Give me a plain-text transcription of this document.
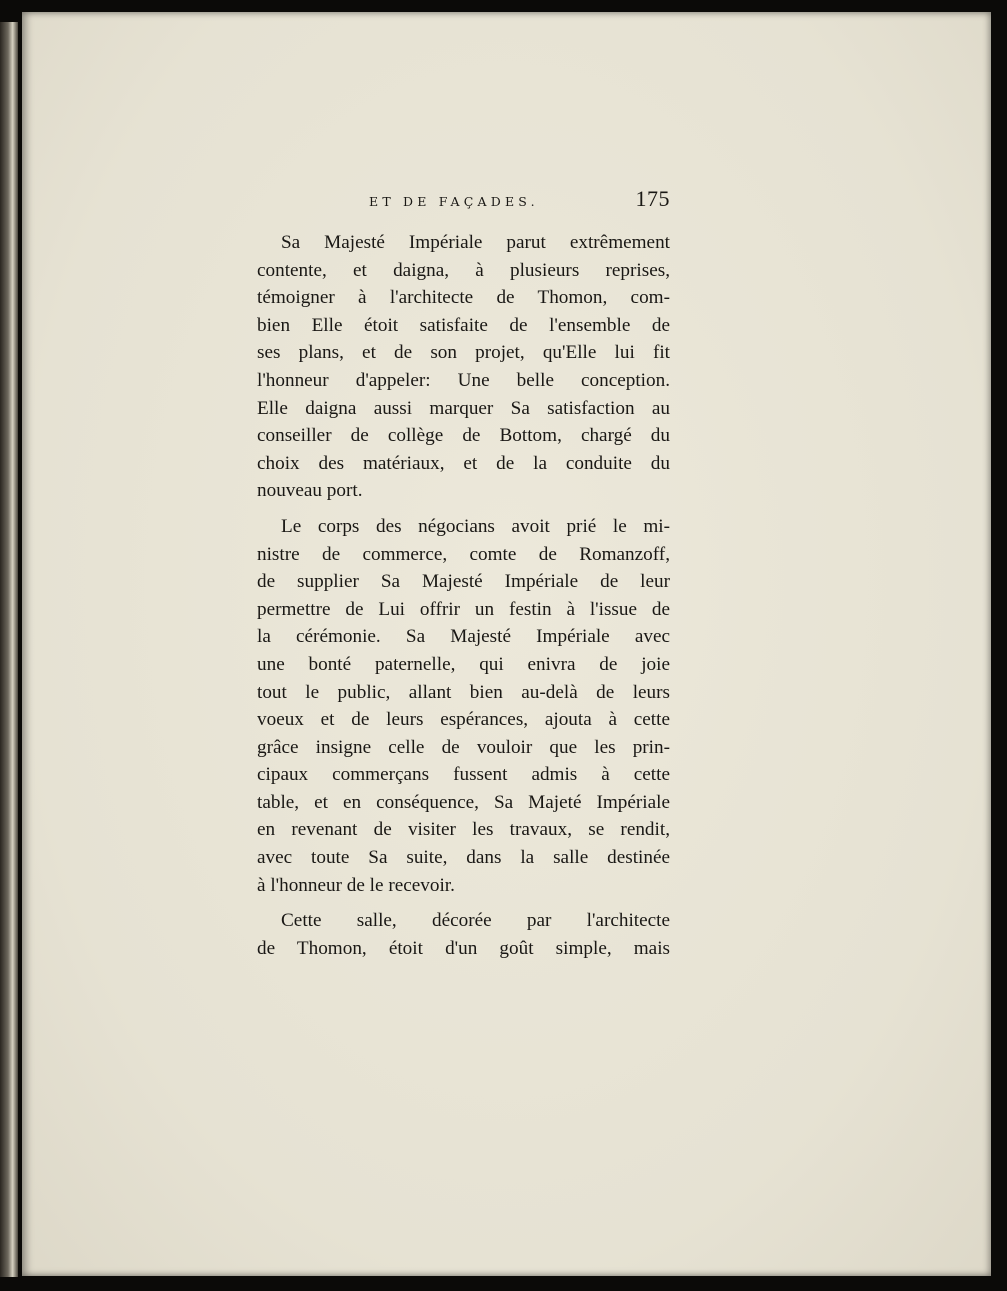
ET DE FAÇADES.	175
Sa Majesté Impériale parut extrêmement
contente, et daigna, à plusieurs reprises,
témoigner à l'architecte de Thomon, com-
bien Elle étoit satisfaite de l'ensemble de
ses plans, et de son projet, qu'Elle lui fit
l'honneur d'appeler: Une belle conception.
Elle daigna aussi marquer Sa satisfaction au
conseiller de collège de Bottom, chargé du
choix des matériaux, et de la conduite du
nouveau port.
Le corps des négocians avoit prié le mi-
nistre de commerce, comte de Romanzoff,
de supplier Sa Majesté Impériale de leur
permettre de Lui offrir un festin à l'issue de
la cérémonie. Sa Majesté Impériale avec
une bonté paternelle, qui enivra de joie
tout le public, allant bien au-delà de leurs
voeux et de leurs espérances, ajouta à cette
grâce insigne celle de vouloir que les prin-
cipaux commerçans fussent admis à cette
table, et en conséquence, Sa Majeté Impériale
en revenant de visiter les travaux, se rendit,
avec toute Sa suite, dans la salle destinée
à l'honneur de le recevoir.
Cette salle, décorée par l'architecte
de Thomon, étoit d'un goût simple, mais
